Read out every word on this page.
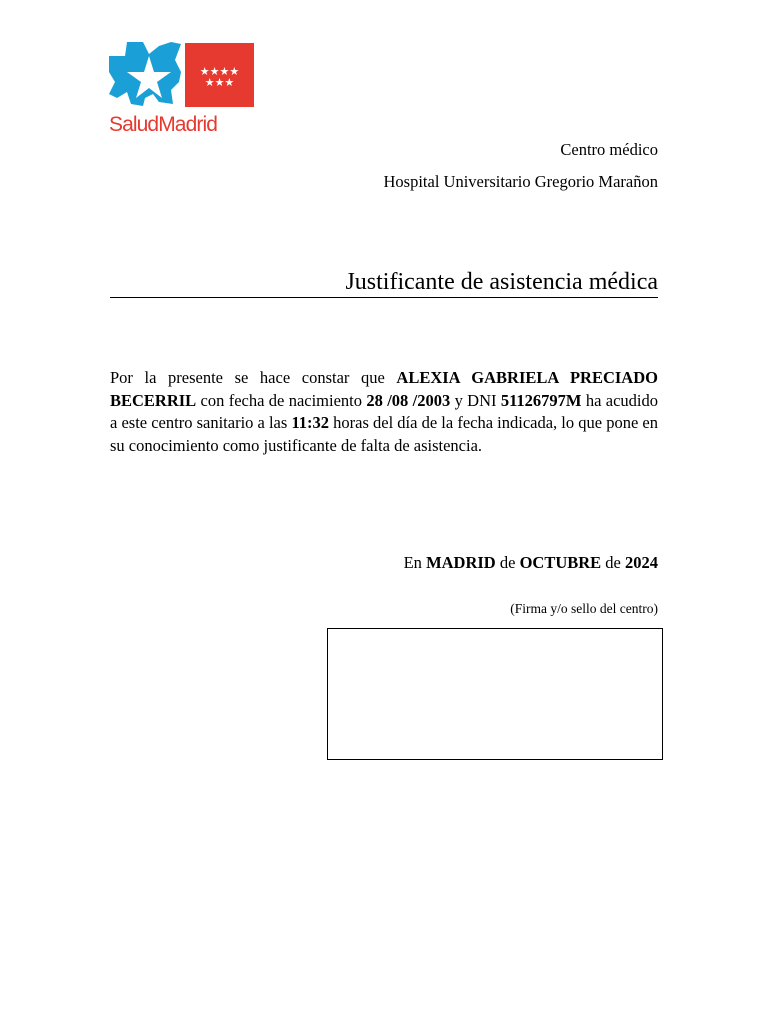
★★★★
★★★
SaludMadrid
Centro médico
Hospital Universitario Gregorio Marañon
Justificante de asistencia médica
Por la presente se hace constar que ALEXIA GABRIELA PRECIADO BECERRIL con fecha de nacimiento 28 /08 /2003 y DNI 51126797M ha acudido a este centro sanitario a las 11:32 horas del día de la fecha indicada, lo que pone en su conocimiento como justificante de falta de asistencia.
En MADRID de OCTUBRE de 2024
(Firma y/o sello del centro)
